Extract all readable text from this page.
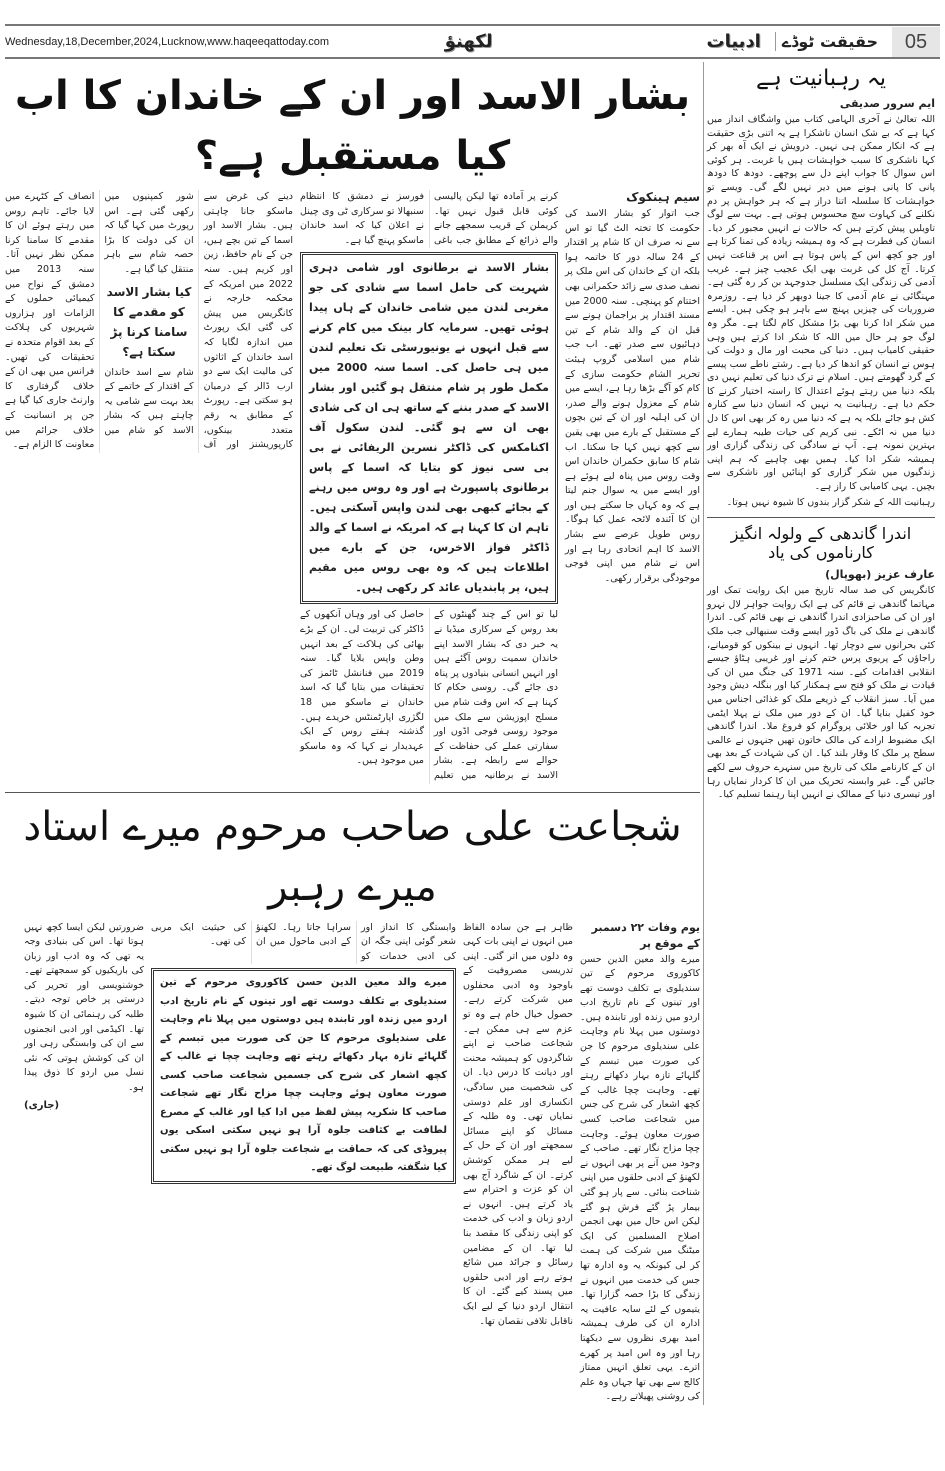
Wednesday,18,December,2024,Lucknow,www.haqeeqattoday.com	لکھنؤ	ادبیات	حقیقت ٹوڈے	05
بشار الاسد اور ان کے خاندان کا اب کیا مستقبل ہے؟
سیم ہینکوک
جب اتوار کو بشار الاسد کی حکومت کا تختہ الٹ گیا تو اس سے نہ صرف ان کا شام پر اقتدار کے 24 سالہ دور کا خاتمہ ہوا بلکہ ان کے خاندان کی اس ملک پر نصف صدی سے زائد حکمرانی بھی اختتام کو پہنچی۔ سنہ 2000 میں مسند اقتدار پر براجمان ہونے سے قبل ان کے والد شام کے تین دہائیوں سے صدر تھے۔ اب جب شام میں اسلامی گروپ ہیئت تحریر الشام حکومت سازی کے کام کو آگے بڑھا رہا ہے، ایسے میں شام کے معزول ہونے والے صدر، ان کی اہلیہ اور ان کے تین بچوں کے مستقبل کے بارے میں بھی یقین سے کچھ نہیں کہا جا سکتا۔ اب شام کا سابق حکمران خاندان اس وقت روس میں پناہ لیے ہوئے ہے اور ایسے میں یہ سوال جنم لیتا ہے کہ وہ کہاں جا سکتے ہیں اور ان کا آئندہ لائحہ عمل کیا ہوگا۔ روس طویل عرصے سے بشار الاسد کا اہم اتحادی رہا ہے اور اس نے شام میں اپنی فوجی موجودگی برقرار رکھی۔
کرنے پر آمادہ تھا لیکن پالیسی کوئی قابل قبول نہیں تھا۔ کریملن کے قریب سمجھے جانے والے ذرائع کے مطابق جب باغی فورسز نے دمشق کا انتظام سنبھالا تو سرکاری ٹی وی چینل نے اعلان کیا کہ اسد خاندان ماسکو پہنچ گیا ہے۔
بشار الاسد نے برطانوی اور شامی دہری شہریت کی حامل اسما سے شادی کی جو مغربی لندن میں شامی خاندان کے ہاں پیدا ہوئی تھیں۔ سرمایہ کار بینک میں کام کرنے سے قبل انہوں نے یونیورسٹی تک تعلیم لندن میں ہی حاصل کی۔ اسما سنہ 2000 میں مکمل طور پر شام منتقل ہو گئیں اور بشار الاسد کے صدر بننے کے ساتھ ہی ان کی شادی بھی ان سے ہو گئی۔ لندن سکول آف اکنامکس کی ڈاکٹر نسرین الریفائی نے بی بی سی نیوز کو بتایا کہ اسما کے پاس برطانوی پاسپورٹ ہے اور وہ روس میں رہنے کے بجائے کبھی بھی لندن واپس آسکتی ہیں۔ تاہم ان کا کہنا ہے کہ امریکہ نے اسما کے والد ڈاکٹر فواز الاخرس، جن کے بارے میں اطلاعات ہیں کہ وہ بھی روس میں مقیم ہیں، پر پابندیاں عائد کر رکھی ہیں۔
لیا تو اس کے چند گھنٹوں کے بعد روس کے سرکاری میڈیا نے یہ خبر دی کہ بشار الاسد اپنے خاندان سمیت روس آگئے ہیں اور انہیں انسانی بنیادوں پر پناہ دی جائے گی۔ روسی حکام کا کہنا ہے کہ اس وقت شام میں مسلح اپوزیشن سے ملک میں موجود روسی فوجی اڈوں اور سفارتی عملے کی حفاظت کے حوالے سے رابطہ ہے۔ بشار الاسد نے برطانیہ میں تعلیم حاصل کی اور وہاں آنکھوں کے ڈاکٹر کی تربیت لی۔ ان کے بڑے بھائی کی ہلاکت کے بعد انہیں وطن واپس بلایا گیا۔ سنہ 2019 میں فنانشل ٹائمز کی تحقیقات میں بتایا گیا کہ اسد خاندان نے ماسکو میں 18 لگژری اپارٹمنٹس خریدے ہیں۔ گذشتہ ہفتے روس کے ایک عہدیدار نے کہا کہ وہ ماسکو میں موجود ہیں۔

دینے کی غرض سے ماسکو جانا چاہتی ہیں۔ بشار الاسد اور اسما کے تین بچے ہیں، جن کے نام حافظ، زین اور کریم ہیں۔ سنہ 2022 میں امریکہ کے محکمہ خارجہ نے کانگریس میں پیش کی گئی ایک رپورٹ میں اندازہ لگایا کہ اسد خاندان کے اثاثوں کی مالیت ایک سے دو ارب ڈالر کے درمیان ہو سکتی ہے۔ رپورٹ کے مطابق یہ رقم متعدد بینکوں، کارپوریشنز اور آف شور کمپنیوں میں رکھی گئی ہے۔ اس رپورٹ میں کہا گیا کہ ان کی دولت کا بڑا حصہ شام سے باہر منتقل کیا گیا ہے۔

کیا بشار الاسد کو مقدمے کا سامنا کرنا پڑ سکتا ہے؟

شام سے اسد خاندان کے اقتدار کے خاتمے کے بعد بہت سے شامی یہ چاہتے ہیں کہ بشار الاسد کو شام میں انصاف کے کٹہرے میں لایا جائے۔ تاہم روس میں رہتے ہوئے ان کا مقدمے کا سامنا کرنا ممکن نظر نہیں آتا۔ سنہ 2013 میں دمشق کے نواح میں کیمیائی حملوں کے الزامات اور ہزاروں شہریوں کی ہلاکت کے بعد اقوام متحدہ نے تحقیقات کی تھیں۔ فرانس میں بھی ان کے خلاف گرفتاری کا وارنٹ جاری کیا گیا ہے جن پر انسانیت کے خلاف جرائم میں معاونت کا الزام ہے۔

شجاعت علی صاحب مرحوم میرے استاد میرے رہبر
یوم وفات ۲۲ دسمبر
کے موقع پر
میرے والد معین الدین حسن کاکوروی مرحوم کے تین سندیلوی بے تکلف دوست تھے اور تینوں کے نام تاریخ ادب اردو میں زندہ اور تابندہ ہیں۔ دوستوں میں پہلا نام وجاہت علی سندیلوی مرحوم کا جن کی صورت میں تبسم کے گلہائے تازہ بہار دکھاتے رہتے تھے۔ وجاہت چچا غالب کے کچھ اشعار کی شرح کی جس میں شجاعت صاحب کسی صورت معاون ہوئے۔ وجاہت چچا مزاح نگار تھے۔ صاحب کے وجود میں آنے پر بھی انہوں نے لکھنؤ کے ادبی حلقوں میں اپنی شناخت بنائی۔ سے پار ہو گئی بیمار پڑ گئے فرش ہو گئے لیکن اس حال میں بھی انجمن اصلاح المسلمین کی ایک میٹنگ میں شرکت کی ہمت کر لی کیونکہ یہ وہ ادارہ تھا جس کی خدمت میں انہوں نے زندگی کا بڑا حصہ گزارا تھا۔ یتیموں کے لئے سایہ عافیت یہ ادارہ ان کی طرف ہمیشہ امید بھری نظروں سے دیکھتا رہا اور وہ اس امید پر کھرے اترے۔ یہی تعلق انہیں ممتاز کالج سے بھی تھا جہاں وہ علم کی روشنی پھیلاتے رہے۔
ظاہر ہے جن سادہ الفاظ میں انہوں نے اپنی بات کہی وہ دلوں میں اتر گئی۔ اپنی تدریسی مصروفیت کے باوجود وہ ادبی محفلوں میں شرکت کرتے رہے۔ حصول خیال خام ہے وہ تو عزم سے ہی ممکن ہے۔ شجاعت صاحب نے اپنے شاگردوں کو ہمیشہ محنت اور دیانت کا درس دیا۔ ان کی شخصیت میں سادگی، انکساری اور علم دوستی نمایاں تھی۔ وہ طلبہ کے مسائل کو اپنے مسائل سمجھتے اور ان کے حل کے لیے ہر ممکن کوشش کرتے۔ ان کے شاگرد آج بھی ان کو عزت و احترام سے یاد کرتے ہیں۔ انہوں نے اردو زبان و ادب کی خدمت کو اپنی زندگی کا مقصد بنا لیا تھا۔ ان کے مضامین رسائل و جرائد میں شائع ہوتے رہے اور ادبی حلقوں میں پسند کیے گئے۔ ان کا انتقال اردو دنیا کے لیے ایک ناقابل تلافی نقصان تھا۔
وابستگی کا انداز اور شعر گوئی اپنی جگہ ان کی ادبی خدمات کو سراہا جاتا رہا۔ لکھنؤ کے ادبی ماحول میں ان کی حیثیت ایک مربی کی تھی۔
میرے والد معین الدین حسن کاکوروی مرحوم کے تین سندیلوی بے تکلف دوست تھے اور تینوں کے نام تاریخ ادب اردو میں زندہ اور تابندہ ہیں دوستوں میں پہلا نام وجاہت علی سندیلوی مرحوم کا جن کی صورت میں تبسم کے گلہائے تازہ بہار دکھائے رہتے تھے وجاہت چچا نے غالب کے کچھ اشعار کی شرح کی جسمیں شجاعت صاحب کسی صورت معاون ہوئے وجاہت چچا مزاح نگار تھے شجاعت صاحب کا شکریہ پیش لفظ میں ادا کیا اور غالب کے مصرع لطافت بے کثافت جلوہ آرا ہو نہیں سکتی اسکی یوں پیروڈی کی کہ حماقت بے شجاعت جلوہ آرا ہو نہیں سکتی کیا شگفتہ طبیعت لوگ تھے۔
ضرورتیں لیکن ایسا کچھ نہیں ہوتا تھا۔ اس کی بنیادی وجہ یہ تھی کہ وہ ادب اور زبان کی باریکیوں کو سمجھتے تھے۔ خوشنویسی اور تحریر کی درستی پر خاص توجہ دیتے۔ طلبہ کی رہنمائی ان کا شیوہ تھا۔ اکیڈمی اور ادبی انجمنوں سے ان کی وابستگی رہی اور ان کی کوشش ہوتی کہ نئی نسل میں اردو کا ذوق پیدا ہو۔
(جاری)
یہ رہبانیت ہے
ایم سرور صدیقی

اللہ تعالیٰ نے آخری الہامی کتاب میں واشگاف انداز میں کہا ہے کہ بے شک انسان ناشکرا ہے یہ اتنی بڑی حقیقت ہے کہ انکار ممکن ہی نہیں۔ درویش نے ایک آہ بھر کر کہا ناشکری کا سبب خواہشات ہیں یا غربت۔ ہر کوئی اس سوال کا جواب اپنے دل سے پوچھے۔ دودھ کا دودھ پانی کا پانی ہونے میں دیر نہیں لگے گی۔ ویسے تو خواہشات کا سلسلہ اتنا دراز ہے کہ ہر خواہش پر دم نکلنے کی کہاوت سچ محسوس ہوتی ہے۔ بہت سے لوگ تاویلیں پیش کرتے ہیں کہ حالات نے انہیں مجبور کر دیا۔ انسان کی فطرت ہے کہ وہ ہمیشہ زیادہ کی تمنا کرتا ہے اور جو کچھ اس کے پاس ہوتا ہے اس پر قناعت نہیں کرتا۔ آج کل کی غربت بھی ایک عجیب چیز ہے۔ غریب آدمی کی زندگی ایک مسلسل جدوجہد بن کر رہ گئی ہے۔ مہنگائی نے عام آدمی کا جینا دوبھر کر دیا ہے۔ روزمرہ ضروریات کی چیزیں پہنچ سے باہر ہو چکی ہیں۔ ایسے میں شکر ادا کرنا بھی بڑا مشکل کام لگتا ہے۔ مگر وہ لوگ جو ہر حال میں اللہ کا شکر ادا کرتے ہیں وہی حقیقی کامیاب ہیں۔ دنیا کی محبت اور مال و دولت کی ہوس نے انسان کو اندھا کر دیا ہے۔ رشتے ناطے سب پیسے کے گرد گھومتے ہیں۔ اسلام نے ترک دنیا کی تعلیم نہیں دی بلکہ دنیا میں رہتے ہوئے اعتدال کا راستہ اختیار کرنے کا حکم دیا ہے۔ رہبانیت یہ نہیں کہ انسان دنیا سے کنارہ کش ہو جائے بلکہ یہ ہے کہ دنیا میں رہ کر بھی اس کا دل دنیا میں نہ اٹکے۔ نبی کریم کی حیات طیبہ ہمارے لیے بہترین نمونہ ہے۔ آپ نے سادگی کی زندگی گزاری اور ہمیشہ شکر ادا کیا۔ ہمیں بھی چاہیے کہ ہم اپنی زندگیوں میں شکر گزاری کو اپنائیں اور ناشکری سے بچیں۔ یہی کامیابی کا راز ہے۔

رہبانیت اللہ کے شکر گزار بندوں کا شیوہ نہیں ہوتا۔

اندرا گاندھی کے ولولہ انگیز کارناموں کی یاد
عارف عزیز (بھوپال)
کانگریس کی صد سالہ تاریخ میں ایک روایت تمک اور مہاتما گاندھی نے قائم کی ہے ایک روایت جواہر لال نہرو اور ان کی صاحبزادی اندرا گاندھی نے بھی قائم کی۔ اندرا گاندھی نے ملک کی باگ ڈور ایسے وقت سنبھالی جب ملک کئی بحرانوں سے دوچار تھا۔ انہوں نے بینکوں کو قومیانے، راجاؤں کے پریوی پرس ختم کرنے اور غریبی ہٹاؤ جیسے انقلابی اقدامات کیے۔ سنہ 1971 کی جنگ میں ان کی قیادت نے ملک کو فتح سے ہمکنار کیا اور بنگلہ دیش وجود میں آیا۔ سبز انقلاب کے ذریعے ملک کو غذائی اجناس میں خود کفیل بنایا گیا۔ ان کے دور میں ملک نے پہلا ایٹمی تجربہ کیا اور خلائی پروگرام کو فروغ ملا۔ اندرا گاندھی ایک مضبوط ارادے کی مالک خاتون تھیں جنہوں نے عالمی سطح پر ملک کا وقار بلند کیا۔ ان کی شہادت کے بعد بھی ان کے کارنامے ملک کی تاریخ میں سنہرے حروف سے لکھے جائیں گے۔ غیر وابستہ تحریک میں ان کا کردار نمایاں رہا اور تیسری دنیا کے ممالک نے انہیں اپنا رہنما تسلیم کیا۔
